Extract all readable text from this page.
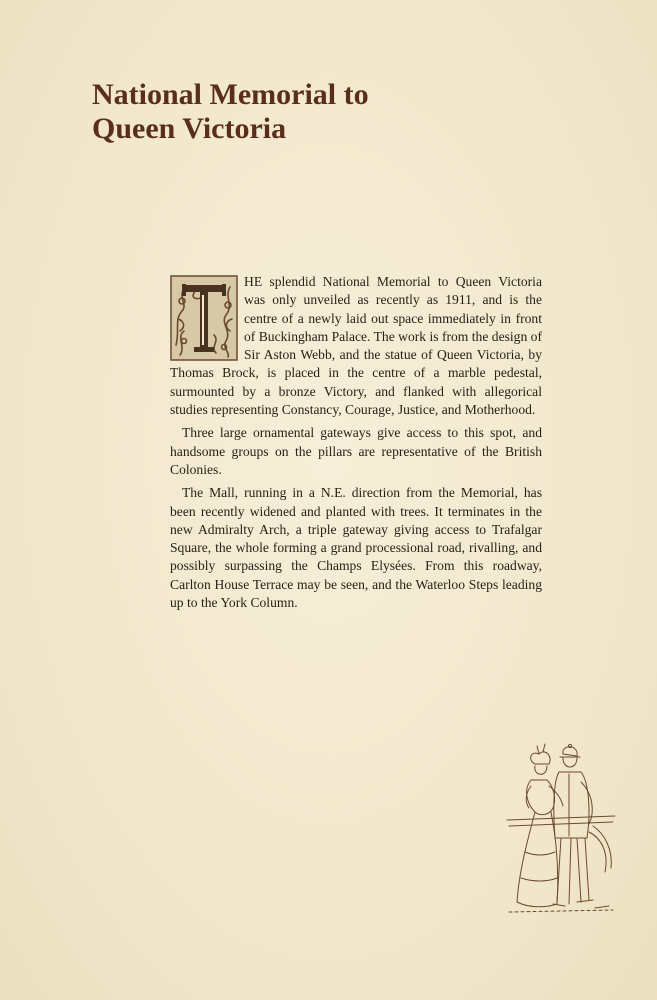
National Memorial to
Queen Victoria

HE splendid National Memorial to Queen Victoria was only unveiled as recently as 1911, and is the centre of a newly laid out space immediately in front of Buckingham Palace. The work is from the design of Sir Aston Webb, and the statue of Queen Victoria, by Thomas Brock, is placed in the centre of a marble pedestal, surmounted by a bronze Victory, and flanked with allegorical studies representing Constancy, Courage, Justice, and Motherhood.

Three large ornamental gateways give access to this spot, and handsome groups on the pillars are representative of the British Colonies.

The Mall, running in a N.E. direction from the Memorial, has been recently widened and planted with trees. It terminates in the new Admiralty Arch, a triple gateway giving access to Trafalgar Square, the whole forming a grand processional road, rivalling, and possibly surpassing the Champs Elysées. From this roadway, Carlton House Terrace may be seen, and the Waterloo Steps leading up to the York Column.
